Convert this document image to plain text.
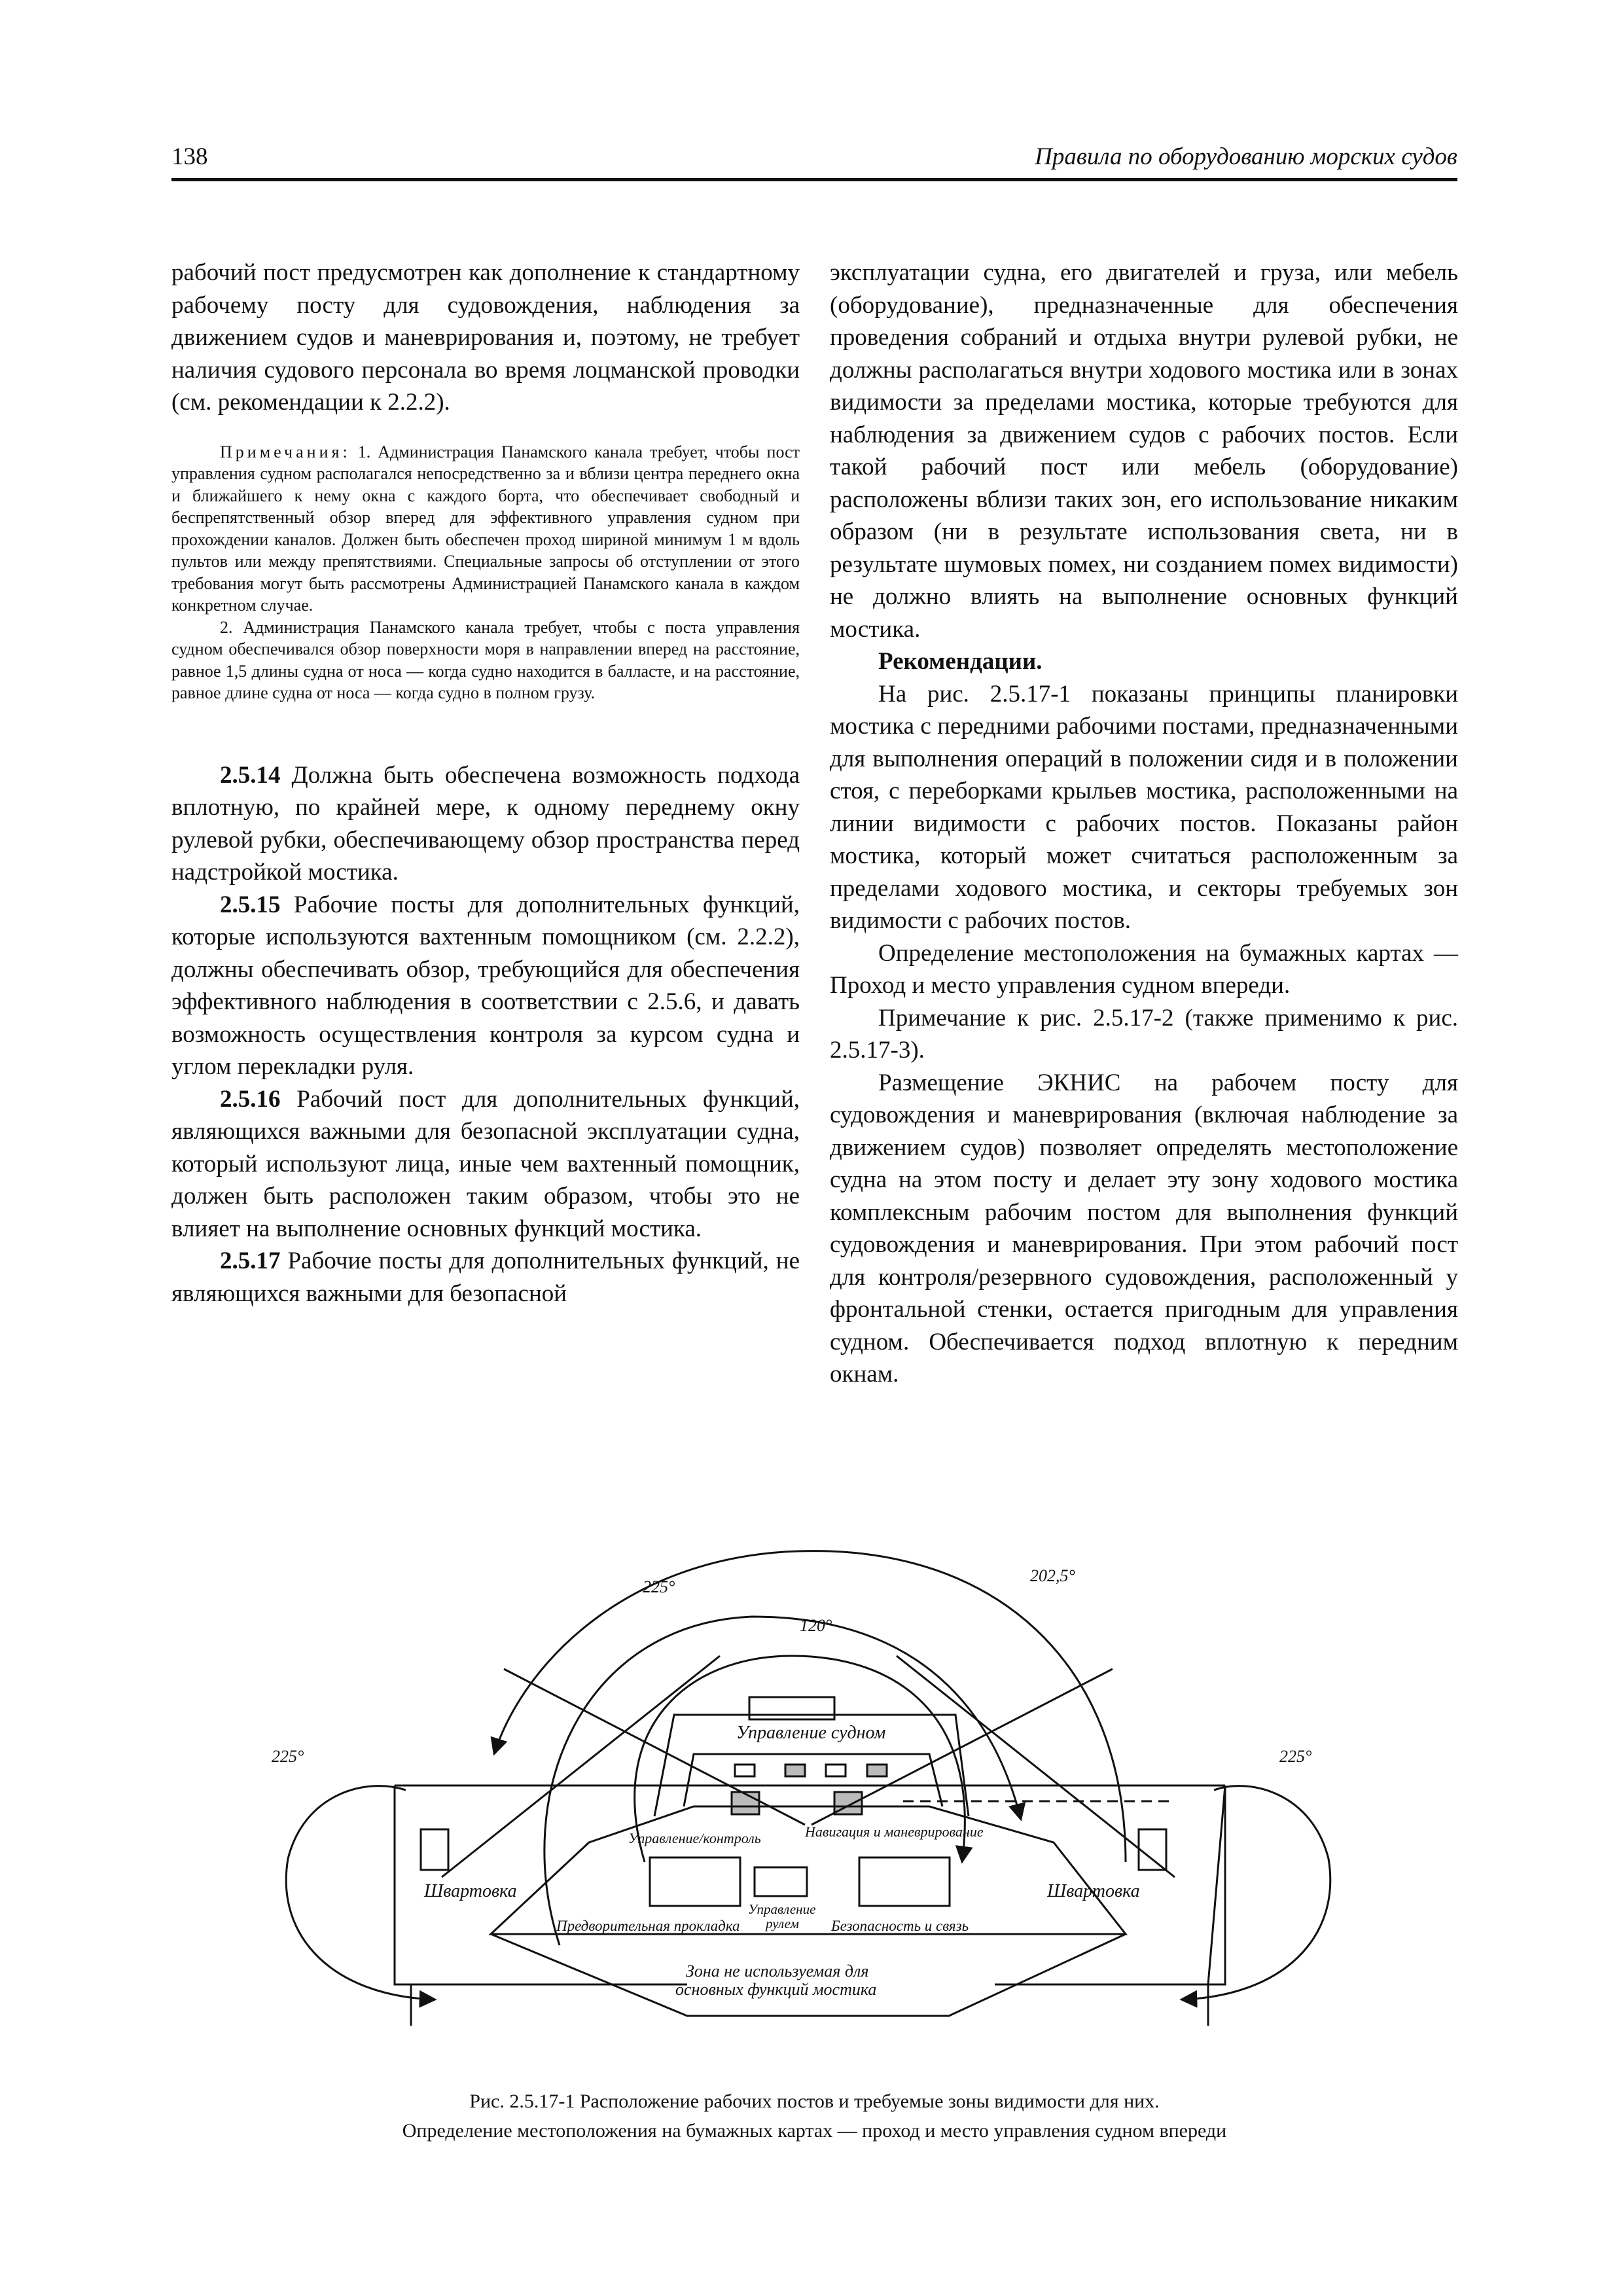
138	Правила по оборудованию морских судов

рабочий пост предусмотрен как дополнение к стандартному рабочему посту для судовождения, наблюдения за движением судов и маневрирования и, поэтому, не требует наличия судового персонала во время лоцманской проводки (см. рекомендации к 2.2.2).

Примечания: 1. Администрация Панамского канала требует, чтобы пост управления судном располагался непосредственно за и вблизи центра переднего окна и ближайшего к нему окна с каждого борта, что обеспечивает свободный и беспрепятственный обзор вперед для эффективного управления судном при прохождении каналов. Должен быть обеспечен проход шириной минимум 1 м вдоль пультов или между препятствиями. Специальные запросы об отступлении от этого требования могут быть рассмотрены Администрацией Панамского канала в каждом конкретном случае.

2. Администрация Панамского канала требует, чтобы с поста управления судном обеспечивался обзор поверхности моря в направлении вперед на расстояние, равное 1,5 длины судна от носа — когда судно находится в балласте, и на расстояние, равное длине судна от носа — когда судно в полном грузу.

2.5.14 Должна быть обеспечена возможность подхода вплотную, по крайней мере, к одному переднему окну рулевой рубки, обеспечивающему обзор пространства перед надстройкой мостика.

2.5.15 Рабочие посты для дополнительных функций, которые используются вахтенным помощником (см. 2.2.2), должны обеспечивать обзор, требующийся для обеспечения эффективного наблюдения в соответствии с 2.5.6, и давать возможность осуществления контроля за курсом судна и углом перекладки руля.

2.5.16 Рабочий пост для дополнительных функций, являющихся важными для безопасной эксплуатации судна, который используют лица, иные чем вахтенный помощник, должен быть расположен таким образом, чтобы это не влияет на выполнение основных функций мостика.

2.5.17 Рабочие посты для дополнительных функций, не являющихся важными для безопасной

эксплуатации судна, его двигателей и груза, или мебель (оборудование), предназначенные для обеспечения проведения собраний и отдыха внутри рулевой рубки, не должны располагаться внутри ходового мостика или в зонах видимости за пределами мостика, которые требуются для наблюдения за движением судов с рабочих постов. Если такой рабочий пост или мебель (оборудование) расположены вблизи таких зон, его использование никаким образом (ни в результате использования света, ни в результате шумовых помех, ни созданием помех видимости) не должно влиять на выполнение основных функций мостика.

Рекомендации.

На рис. 2.5.17-1 показаны принципы планировки мостика с передними рабочими постами, предназначенными для выполнения операций в положении сидя и в положении стоя, с переборками крыльев мостика, расположенными на линии видимости с рабочих постов. Показаны район мостика, который может считаться расположенным за пределами ходового мостика, и секторы требуемых зон видимости с рабочих постов.

Определение местоположения на бумажных картах — Проход и место управления судном впереди.

Примечание к рис. 2.5.17-2 (также применимо к рис. 2.5.17-3).

Размещение ЭКНИС на рабочем посту для судовождения и маневрирования (включая наблюдение за движением судов) позволяет определять местоположение судна на этом посту и делает эту зону ходового мостика комплексным рабочим постом для выполнения функций судовождения и маневрирования. При этом рабочий пост для контроля/резервного судовождения, расположенный у фронтальной стенки, остается пригодным для управления судном. Обеспечивается подход вплотную к передним окнам.

225°
202,5°
120°
225°	225°
Управление судном
Управление/контроль	Навигация и маневрирование
Швартовка	Швартовка
Управление
рулем
Предворительная прокладка	Безопасность и связь
Зона не используемая для
основных функций мостика
Рис. 2.5.17-1 Расположение рабочих постов и требуемые зоны видимости для них.
Определение местоположения на бумажных картах — проход и место управления судном впереди
